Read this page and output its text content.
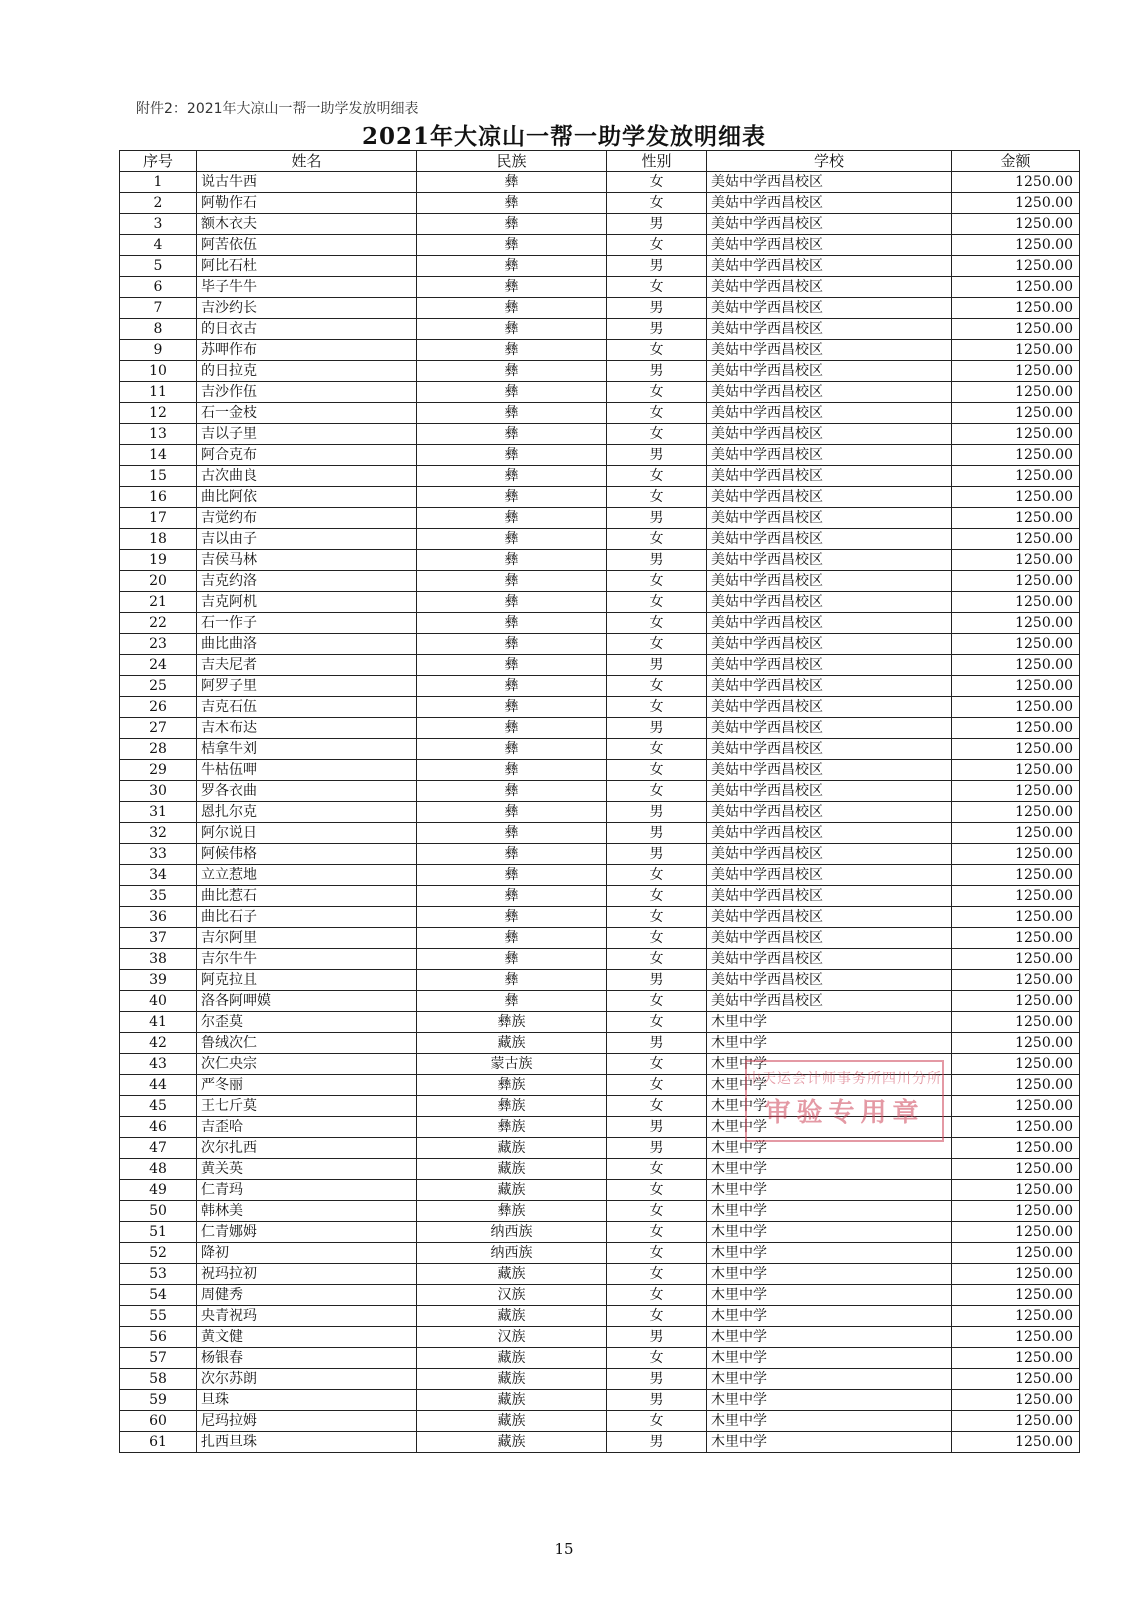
附件2：2021年大凉山一帮一助学发放明细表
2021年大凉山一帮一助学发放明细表
序号	姓名	民族	性别	学校	金额
1	说古牛西	彝	女	美姑中学西昌校区	1250.00
2	阿勒作石	彝	女	美姑中学西昌校区	1250.00
3	额木衣夫	彝	男	美姑中学西昌校区	1250.00
4	阿苦依伍	彝	女	美姑中学西昌校区	1250.00
5	阿比石杜	彝	男	美姑中学西昌校区	1250.00
6	毕子牛牛	彝	女	美姑中学西昌校区	1250.00
7	吉沙约长	彝	男	美姑中学西昌校区	1250.00
8	的日衣古	彝	男	美姑中学西昌校区	1250.00
9	苏呷作布	彝	女	美姑中学西昌校区	1250.00
10	的日拉克	彝	男	美姑中学西昌校区	1250.00
11	吉沙作伍	彝	女	美姑中学西昌校区	1250.00
12	石一金枝	彝	女	美姑中学西昌校区	1250.00
13	吉以子里	彝	女	美姑中学西昌校区	1250.00
14	阿合克布	彝	男	美姑中学西昌校区	1250.00
15	古次曲良	彝	女	美姑中学西昌校区	1250.00
16	曲比阿依	彝	女	美姑中学西昌校区	1250.00
17	吉觉约布	彝	男	美姑中学西昌校区	1250.00
18	吉以由子	彝	女	美姑中学西昌校区	1250.00
19	吉侯马林	彝	男	美姑中学西昌校区	1250.00
20	吉克约洛	彝	女	美姑中学西昌校区	1250.00
21	吉克阿机	彝	女	美姑中学西昌校区	1250.00
22	石一作子	彝	女	美姑中学西昌校区	1250.00
23	曲比曲洛	彝	女	美姑中学西昌校区	1250.00
24	吉夫尼者	彝	男	美姑中学西昌校区	1250.00
25	阿罗子里	彝	女	美姑中学西昌校区	1250.00
26	吉克石伍	彝	女	美姑中学西昌校区	1250.00
27	吉木布达	彝	男	美姑中学西昌校区	1250.00
28	桔拿牛刘	彝	女	美姑中学西昌校区	1250.00
29	牛枯伍呷	彝	女	美姑中学西昌校区	1250.00
30	罗各衣曲	彝	女	美姑中学西昌校区	1250.00
31	恩扎尔克	彝	男	美姑中学西昌校区	1250.00
32	阿尔说日	彝	男	美姑中学西昌校区	1250.00
33	阿候伟格	彝	男	美姑中学西昌校区	1250.00
34	立立惹地	彝	女	美姑中学西昌校区	1250.00
35	曲比惹石	彝	女	美姑中学西昌校区	1250.00
36	曲比石子	彝	女	美姑中学西昌校区	1250.00
37	吉尔阿里	彝	女	美姑中学西昌校区	1250.00
38	吉尔牛牛	彝	女	美姑中学西昌校区	1250.00
39	阿克拉且	彝	男	美姑中学西昌校区	1250.00
40	洛各阿呷嫫	彝	女	美姑中学西昌校区	1250.00
41	尔歪莫	彝族	女	木里中学	1250.00
42	鲁绒次仁	藏族	男	木里中学	1250.00
43	次仁央宗	蒙古族	女	木里中学	1250.00
44	严冬丽	彝族	女	木里中学	1250.00
45	王七斤莫	彝族	女	木里中学	1250.00
46	吉歪哈	彝族	男	木里中学	1250.00
47	次尔扎西	藏族	男	木里中学	1250.00
48	黄关英	藏族	女	木里中学	1250.00
49	仁青玛	藏族	女	木里中学	1250.00
50	韩林美	彝族	女	木里中学	1250.00
51	仁青娜姆	纳西族	女	木里中学	1250.00
52	降初	纳西族	女	木里中学	1250.00
53	祝玛拉初	藏族	女	木里中学	1250.00
54	周健秀	汉族	女	木里中学	1250.00
55	央青祝玛	藏族	女	木里中学	1250.00
56	黄文健	汉族	男	木里中学	1250.00
57	杨银春	藏族	女	木里中学	1250.00
58	次尔苏朗	藏族	男	木里中学	1250.00
59	旦珠	藏族	男	木里中学	1250.00
60	尼玛拉姆	藏族	女	木里中学	1250.00
61	扎西旦珠	藏族	男	木里中学	1250.00
中天运会计师事务所四川分所
审验专用章
15
